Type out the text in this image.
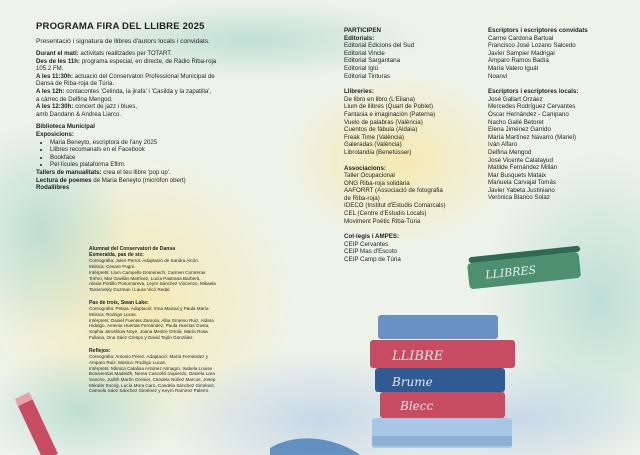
LLIBRES
LLIBRE
Brume
Blecc
PROGRAMA FIRA DEL LLIBRE 2025
Presentació i signatura de llibres d'autors locals i convidats.

Durant el matí: activitats realitzades per TOTART.

Des de les 11h: programa especial, en directe, de Ràdio Riba-roja

105.2 FM.

A les 11:30h: actuació del Conservatori Professional Municipal de

Dansa de Riba-roja de Túria.

A les 12h: contacontes 'Celinda, la jirafa' i 'Casilda y la zapatilla',

a càrrec de Delfina Mengod.

A les 12:30h: concert de jazz i blues,

amb Dandann & Andrea Liarco.

Biblioteca Municipal

Exposicions:

• Maria Beneyto, escriptora de l'any 2025
• Llibres recomanats en el Facebook
• Bookface
• Pel·lícules plataforma Eflim.

Tallers de manualitats: crea el teu llibre 'pop up'.

Lectura de poemes de Maria Beneyto (micròfon obert)

Rodallibres

Alumnat del Conservatori de Dansa

Esmeralda, pas de six:

Coreografia: Jules Perrot. Adaptació de Sandra Alcón.

Música: Cesare Pugni.

Intèrprets: Llum Campello Doménech, Carmen Contreras

Tormo, Mar Gavilán Martínez, Lucía Pastrana Barberà,

Alexia Portillo Ponomareva, Leyre Sánchez Vincenzo, Mikaela

Tavarovsky Guzman i Laura Vicó Redal.

Pas de trois, Swan Lake:

Coreografia: Petipa. Adaptació: Irma Maicas y Paula María

Música: Rodrigo Lucas.

Intèrprets: Daniel Fuentes Zamora, Alba Gimeno Ruiz, Aldara

Hidalgo, Amenia Huertas Fernández, Paula Huertas Gusta,

Sophia Jaroshlow Noye, Joana Mestre Ortolà, María Rosa

Fullana, Ona Sáez Crespo y David Tejón González.

Reflejos:

Coreografia: Antonio Pérez. Adaptació: María Fernández y

Amparo Ruiz. Música: Rodrigo Lucas.

Intèrprets: Mònica Catalina Antúnez Almagro, Isabela Louise

Bonaventas Madeidh, Nerea Cascolló Izquierdo, Daniela Lara

Sancho, Judith Martín Grenier, Candela Núñez Marcos, Josep

Ménder Escrig, Lucía Mora Caro, Candela Sánchez Giménez,

Carmela Sáez Sánchez Giménez y Keyro Ramírez Palerm.

PARTICIPEN

Editorials:

Editorial Edicions del Sud

Editorial Vincle

Editorial Sargantana

Editorial Iglú

Editorial Tinturas

Llibreries:

De libro en libro (L'Eliana)

Llum de llibres (Quart de Poblet)

Fantasia e imaginación (Paterna)

Vuelo de palabras (València)

Cuentos de fábula (Aldaia)

Freak Time (València)

Galeradas (València)

Librolandia (Benetússer)

Associacions:

Taller Ocupacional

ONG Riba-roja solidària

AAFORRT (Associació de fotografia

de Riba-roja)

IDECO (Institut d'Estudis Comarcals)

CEL (Centre d'Estudis Locals)

Moviment Poètic Riba-Túria

Col·legis i AMPES:

CEIP Cervantes

CEIP Mas d'Escoto

CEIP Camp de Túria

Escriptors i escriptores convidats

Carme Cardona Bartual

Francisco José Lozano Salcedo

Javier Sampier Madrigal

Amparo Ramos Badía

María Valero Iguál

Noanvi

Escriptors i escriptores locals:

José Gallart Orzáez

Mercedes Rodríguez Cervantes

Óscar Hernández - Campano

Nacho Gallé Betoret

Elena Jiménez Garrido

María Martínez Navarro (Mariel)

Iván Alfaro

Delfina Mengod

José Vicente Calatayud

Matilde Fernández Millán

Mar Busquets Mataix

Manuela Carvajal Tomás

Javier Yabeta Justiniano

Verònica Blanco Solaz
